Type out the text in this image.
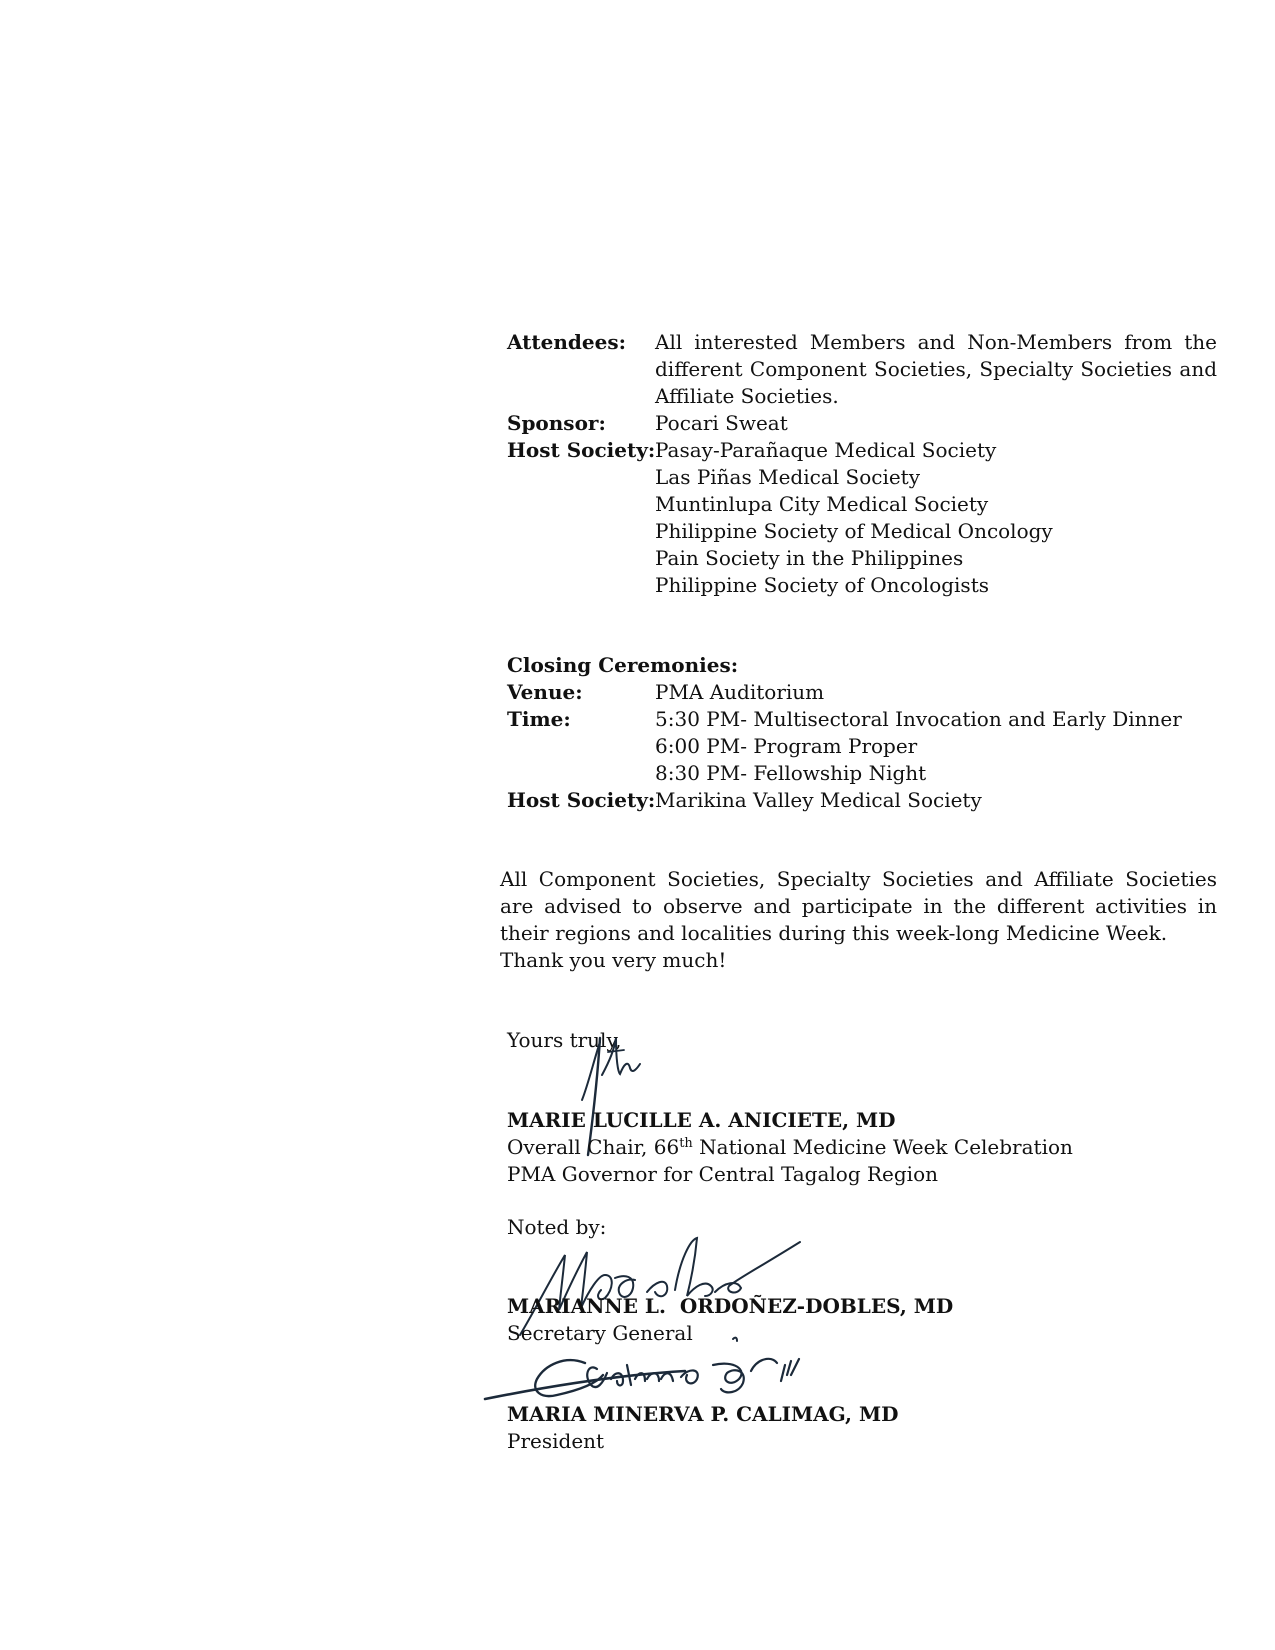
Attendees: All interested Members and Non-Members from the different Component Societies, Specialty Societies and Affiliate Societies.
Sponsor: Pocari Sweat
Host Society: Pasay-Parañaque Medical Society
Las Piñas Medical Society
Muntinlupa City Medical Society
Philippine Society of Medical Oncology
Pain Society in the Philippines
Philippine Society of Oncologists
Closing Ceremonies:
Venue:	PMA Auditorium
Time:	5:30 PM- Multisectoral Invocation and Early Dinner
6:00 PM- Program Proper
8:30 PM- Fellowship Night
Host Society: Marikina Valley Medical Society
All Component Societies, Specialty Societies and Affiliate Societies are advised to observe and participate in the different activities in their regions and localities during this week-long Medicine Week.
Thank you very much!
Yours truly,
MARIE LUCILLE A. ANICIETE, MD
Overall Chair, 66th National Medicine Week Celebration
PMA Governor for Central Tagalog Region
Noted by:
MARIANNE L.  ORDOÑEZ-DOBLES, MD
Secretary General
MARIA MINERVA P. CALIMAG, MD
President
